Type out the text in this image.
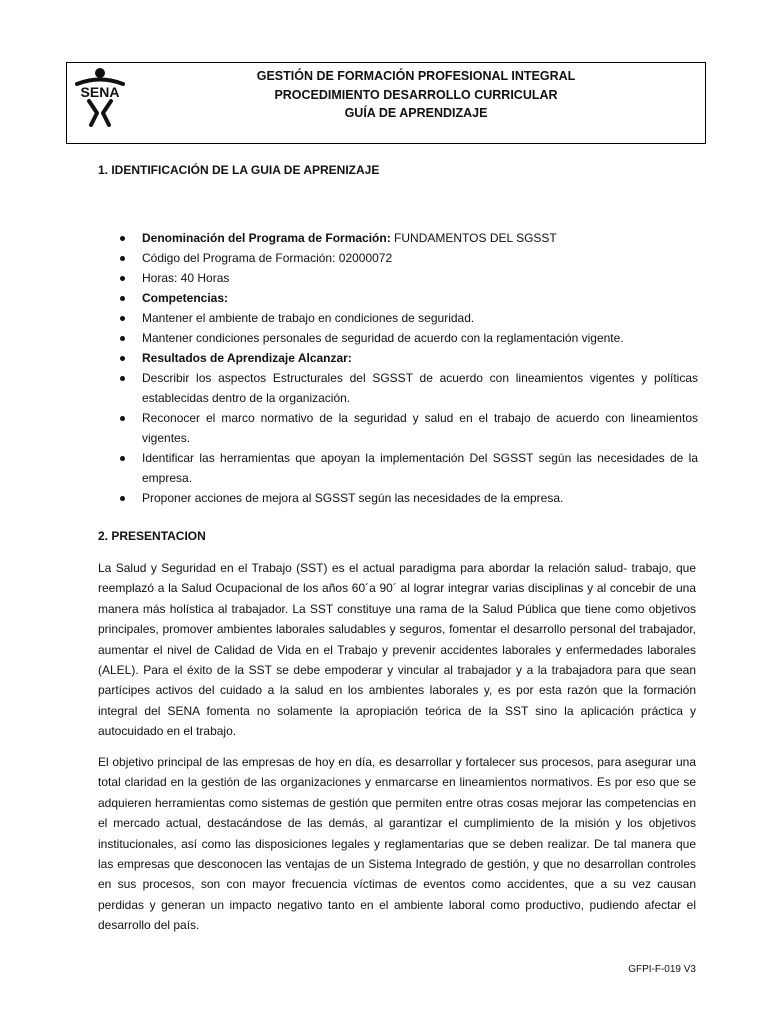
SENA
GESTIÓN DE FORMACIÓN PROFESIONAL INTEGRAL
PROCEDIMIENTO DESARROLLO CURRICULAR
GUÍA DE APRENDIZAJE
1. IDENTIFICACIÓN DE LA GUIA DE APRENIZAJE
Denominación del Programa de Formación: FUNDAMENTOS DEL SGSST
Código del Programa de Formación: 02000072
Horas: 40 Horas
Competencias:
Mantener el ambiente de trabajo en condiciones de seguridad.
Mantener condiciones personales de seguridad de acuerdo con la reglamentación vigente.
Resultados de Aprendizaje Alcanzar:
Describir los aspectos Estructurales del SGSST de acuerdo con lineamientos vigentes y políticas establecidas dentro de la organización.
Reconocer el marco normativo de la seguridad y salud en el trabajo de acuerdo con lineamientos vigentes.
Identificar las herramientas que apoyan la implementación Del SGSST según las necesidades de la empresa.
Proponer acciones de mejora al SGSST según las necesidades de la empresa.
2. PRESENTACION

La Salud y Seguridad en el Trabajo (SST) es el actual paradigma para abordar la relación salud- trabajo, que reemplazó a la Salud Ocupacional de los años 60´a 90´ al lograr integrar varias disciplinas y al concebir de una manera más holística al trabajador. La SST constituye una rama de la Salud Pública que tiene como objetivos principales, promover ambientes laborales saludables y seguros, fomentar el desarrollo personal del trabajador, aumentar el nivel de Calidad de Vida en el Trabajo y prevenir accidentes laborales y enfermedades laborales (ALEL). Para el éxito de la SST se debe empoderar y vincular al trabajador y a la trabajadora para que sean partícipes activos del cuidado a la salud en los ambientes laborales y, es por esta razón que la formación integral del SENA fomenta no solamente la apropiación teórica de la SST sino la aplicación práctica y autocuidado en el trabajo.

El objetivo principal de las empresas de hoy en día, es desarrollar y fortalecer sus procesos, para asegurar una total claridad en la gestión de las organizaciones y enmarcarse en lineamientos normativos. Es por eso que se adquieren herramientas como sistemas de gestión que permiten entre otras cosas mejorar las competencias en el mercado actual, destacándose de las demás, al garantizar el cumplimiento de la misión y los objetivos institucionales, así como las disposiciones legales y reglamentarias que se deben realizar. De tal manera que las empresas que desconocen las ventajas de un Sistema Integrado de gestión, y que no desarrollan controles en sus procesos, son con mayor frecuencia víctimas de eventos como accidentes, que a su vez causan perdidas y generan un impacto negativo tanto en el ambiente laboral como productivo, pudiendo afectar el desarrollo del país.

GFPI-F-019 V3
